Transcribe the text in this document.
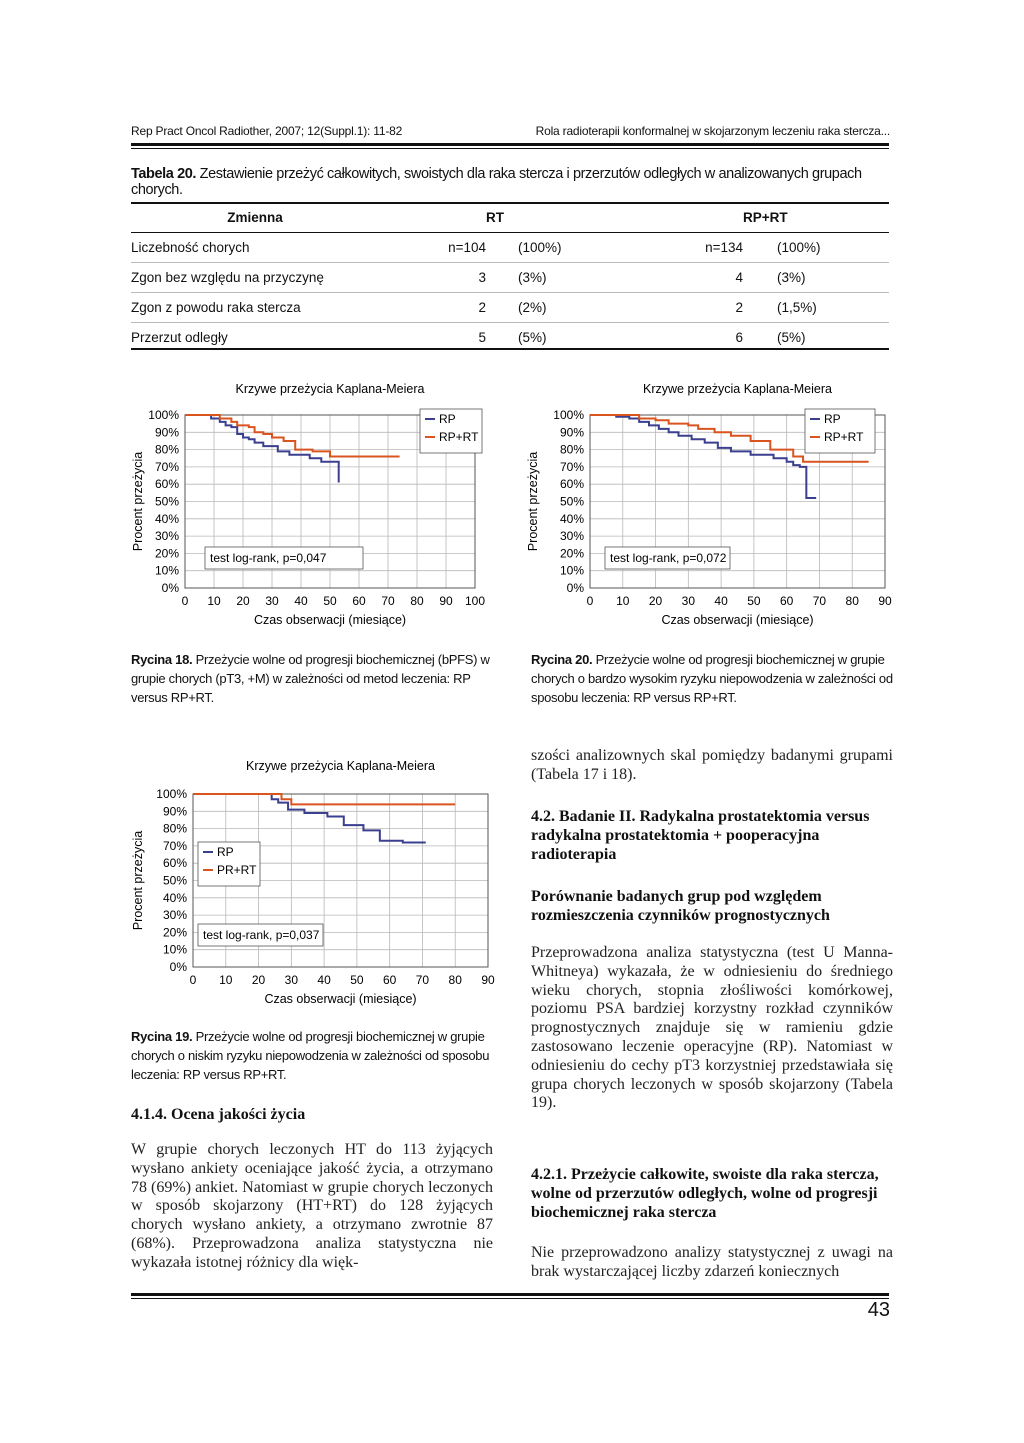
Rep Pract Oncol Radiother, 2007; 12(Suppl.1): 11-82	Rola radioterapii konformalnej w skojarzonym leczeniu raka stercza...
Tabela 20. Zestawienie przeżyć całkowitych, swoistych dla raka stercza i przerzutów odległych w analizowanych grupach chorych.
Zmienna		RT		RP+RT
Liczebność chorych	n=104	(100%)	n=134	(100%)
Zgon bez względu na przyczynę	3	(3%)	4	(3%)
Zgon z powodu raka stercza	2	(2%)	2	(1,5%)
Przerzut odległy	5	(5%)	6	(5%)
Krzywe przeżycia Kaplana-Meiera
0%
10%
20%
30%
40%
50%
60%
70%
80%
90%
100%
0 10 20 30 40 50 60 70 80 90 100
Czas obserwacji (miesiące)
Procent przeżycia
RP
RP+RT
test log-rank, p=0,047
Krzywe przeżycia Kaplana-Meiera
0%
10%
20%
30%
40%
50%
60%
70%
80%
90%
100%
0 10 20 30 40 50 60 70 80 90
Czas obserwacji (miesiące)
Procent przeżycia
RP
RP+RT
test log-rank, p=0,072
Krzywe przeżycia Kaplana-Meiera
0%
10%
20%
30%
40%
50%
60%
70%
80%
90%
100%
0 10 20 30 40 50 60 70 80 90
Czas obserwacji (miesiące)
Procent przeżycia	RP
PR+RT
test log-rank, p=0,037
Rycina 18. Przeżycie wolne od progresji biochemicznej (bPFS) w grupie chorych (pT3, +M) w zależności od metod leczenia: RP versus RP+RT.
Rycina 20. Przeżycie wolne od progresji biochemicznej w grupie chorych o bardzo wysokim ryzyku niepowodzenia w zależności od sposobu leczenia: RP versus RP+RT.
Rycina 19. Przeżycie wolne od progresji biochemicznej w grupie chorych o niskim ryzyku niepowodzenia w zależności od sposobu leczenia: RP versus RP+RT.
4.1.4. Ocena jakości życia
W grupie chorych leczonych HT do 113 żyjących wysłano ankiety oceniające jakość życia, a otrzymano 78 (69%) ankiet. Natomiast w grupie chorych leczonych w sposób skojarzony (HT+RT) do 128 żyjących chorych wysłano ankiety, a otrzymano zwrotnie 87 (68%). Przeprowadzona analiza statystyczna nie wykazała istotnej różnicy dla więk-
szości analizownych skal pomiędzy badanymi grupami (Tabela 17 i 18).
4.2. Badanie II. Radykalna prostatektomia versus radykalna prostatektomia + pooperacyjna radioterapia
Porównanie badanych grup pod względem rozmieszczenia czynników prognostycznych
Przeprowadzona analiza statystyczna (test U Manna-Whitneya) wykazała, że w odniesieniu do średniego wieku chorych, stopnia złośliwości komórkowej, poziomu PSA bardziej korzystny rozkład czynników prognostycznych znajduje się w ramieniu gdzie zastosowano leczenie operacyjne (RP). Natomiast w odniesieniu do cechy pT3 korzystniej przedstawiała się grupa chorych leczonych w sposób skojarzony (Tabela 19).
4.2.1. Przeżycie całkowite, swoiste dla raka stercza, wolne od przerzutów odległych, wolne od progresji biochemicznej raka stercza
Nie przeprowadzono analizy statystycznej z uwagi na brak wystarczającej liczby zdarzeń koniecznych
43
